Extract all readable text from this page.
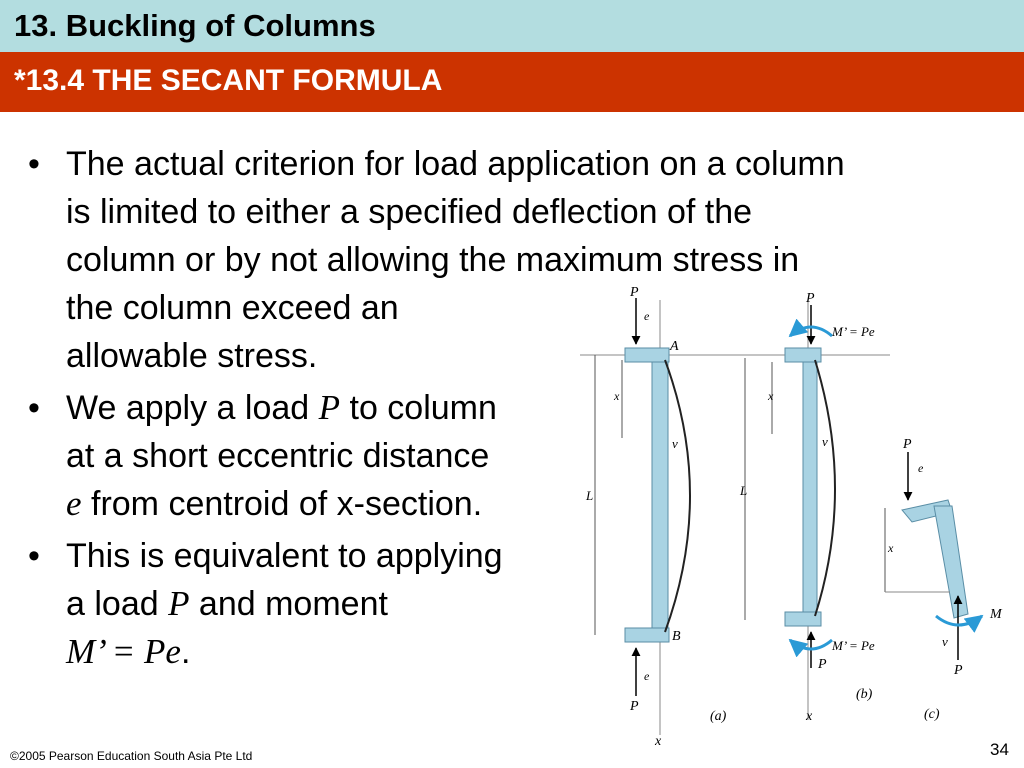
13. Buckling of Columns
*13.4 THE SECANT FORMULA
• The actual criterion for load application on a column
is limited to either a specified deflection of the
column or by not allowing the maximum stress in
the column exceed an
allowable stress.
• We apply a load P to column
at a short eccentric distance
e from centroid of x-section.
• This is equivalent to applying
a load P and moment
M’ = Pe.
P
e
A
x
v
L
B
e
P
x
(a)
P
M’ = Pe
x
v
L
M’ = Pe
P
x
(b)
P
e
x
M
v
P
(c)
©2005 Pearson Education South Asia Pte Ltd	34
